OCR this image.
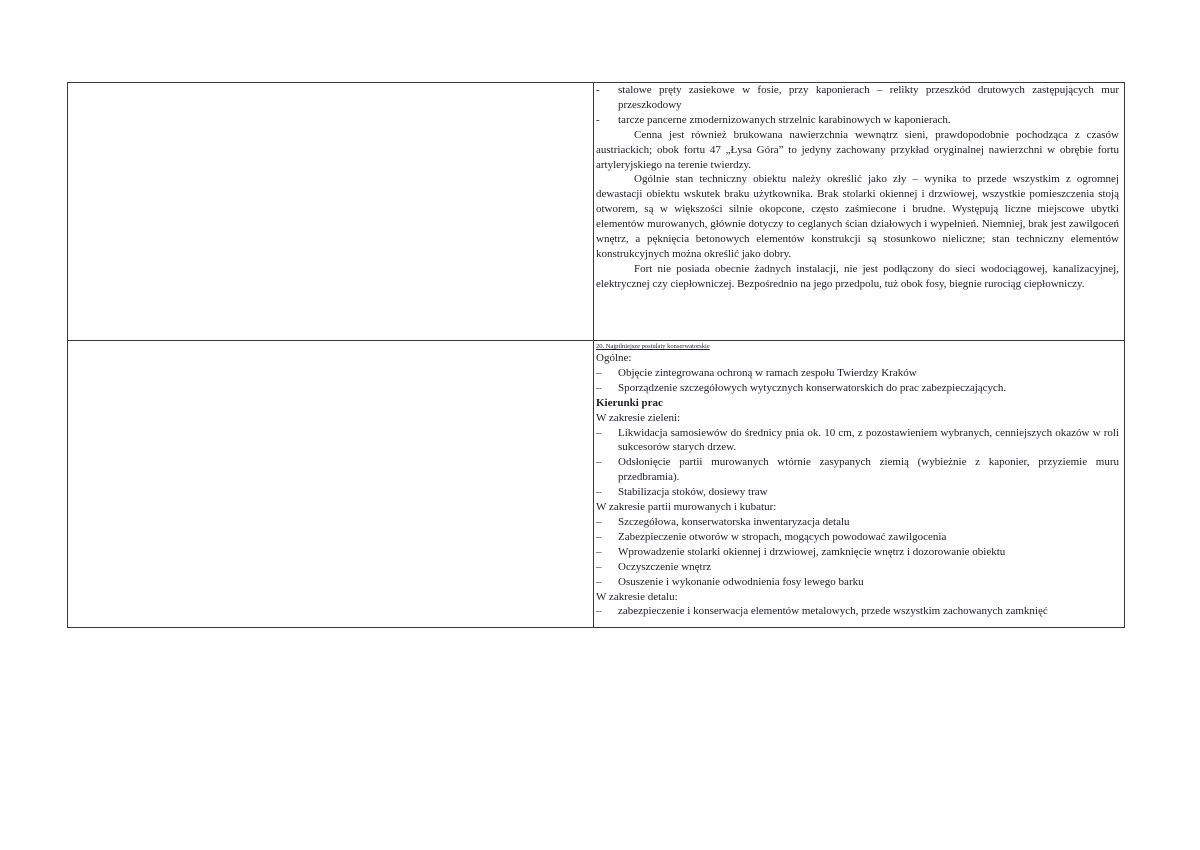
-	stalowe pręty zasiekowe w fosie, przy kaponierach – relikty przeszkód drutowych zastępujących mur przeszkodowy
-	tarcze pancerne zmodernizowanych strzelnic karabinowych w kaponierach.

Cenna jest również brukowana nawierzchnia wewnątrz sieni, prawdopodobnie pochodząca z czasów austriackich; obok fortu 47 „Łysa Góra” to jedyny zachowany przykład oryginalnej nawierzchni w obrębie fortu artyleryjskiego na terenie twierdzy.

Ogólnie stan techniczny obiektu należy określić jako zły – wynika to przede wszystkim z ogromnej dewastacji obiektu wskutek braku użytkownika. Brak stolarki okiennej i drzwiowej, wszystkie pomieszczenia stoją otworem, są w większości silnie okopcone, często zaśmiecone i brudne. Występują liczne miejscowe ubytki elementów murowanych, głównie dotyczy to ceglanych ścian działowych i wypełnień. Niemniej, brak jest zawilgoceń wnętrz, a pęknięcia betonowych elementów konstrukcji są stosunkowo nieliczne; stan techniczny elementów konstrukcyjnych można określić jako dobry.

Fort nie posiada obecnie żadnych instalacji, nie jest podłączony do sieci wodociągowej, kanalizacyjnej, elektrycznej czy ciepłowniczej. Bezpośrednio na jego przedpolu, tuż obok fosy, biegnie rurociąg ciepłowniczy.

20. Najpilniejsze postulaty konserwatorskie

Ogólne:

–	Objęcie zintegrowana ochroną w ramach zespołu Twierdzy Kraków
–	Sporządzenie szczegółowych wytycznych konserwatorskich do prac zabezpieczających.

Kierunki prac

W zakresie zieleni:

–	Likwidacja samosiewów do średnicy pnia ok. 10 cm, z pozostawieniem wybranych, cenniejszych okazów w roli sukcesorów starych drzew.
–	Odsłonięcie partii murowanych wtórnie zasypanych ziemią (wybieżnie z kaponier, przyziemie muru przedbramia).
–	Stabilizacja stoków, dosiewy traw

W zakresie partii murowanych i kubatur:

–	Szczegółowa, konserwatorska inwentaryzacja detalu
–	Zabezpieczenie otworów w stropach, mogących powodować zawilgocenia
–	Wprowadzenie stolarki okiennej i drzwiowej, zamknięcie wnętrz i dozorowanie obiektu
–	Oczyszczenie wnętrz
–	Osuszenie i wykonanie odwodnienia fosy lewego barku

W zakresie detalu:

–	zabezpieczenie i konserwacja elementów metalowych, przede wszystkim zachowanych zamknięć
